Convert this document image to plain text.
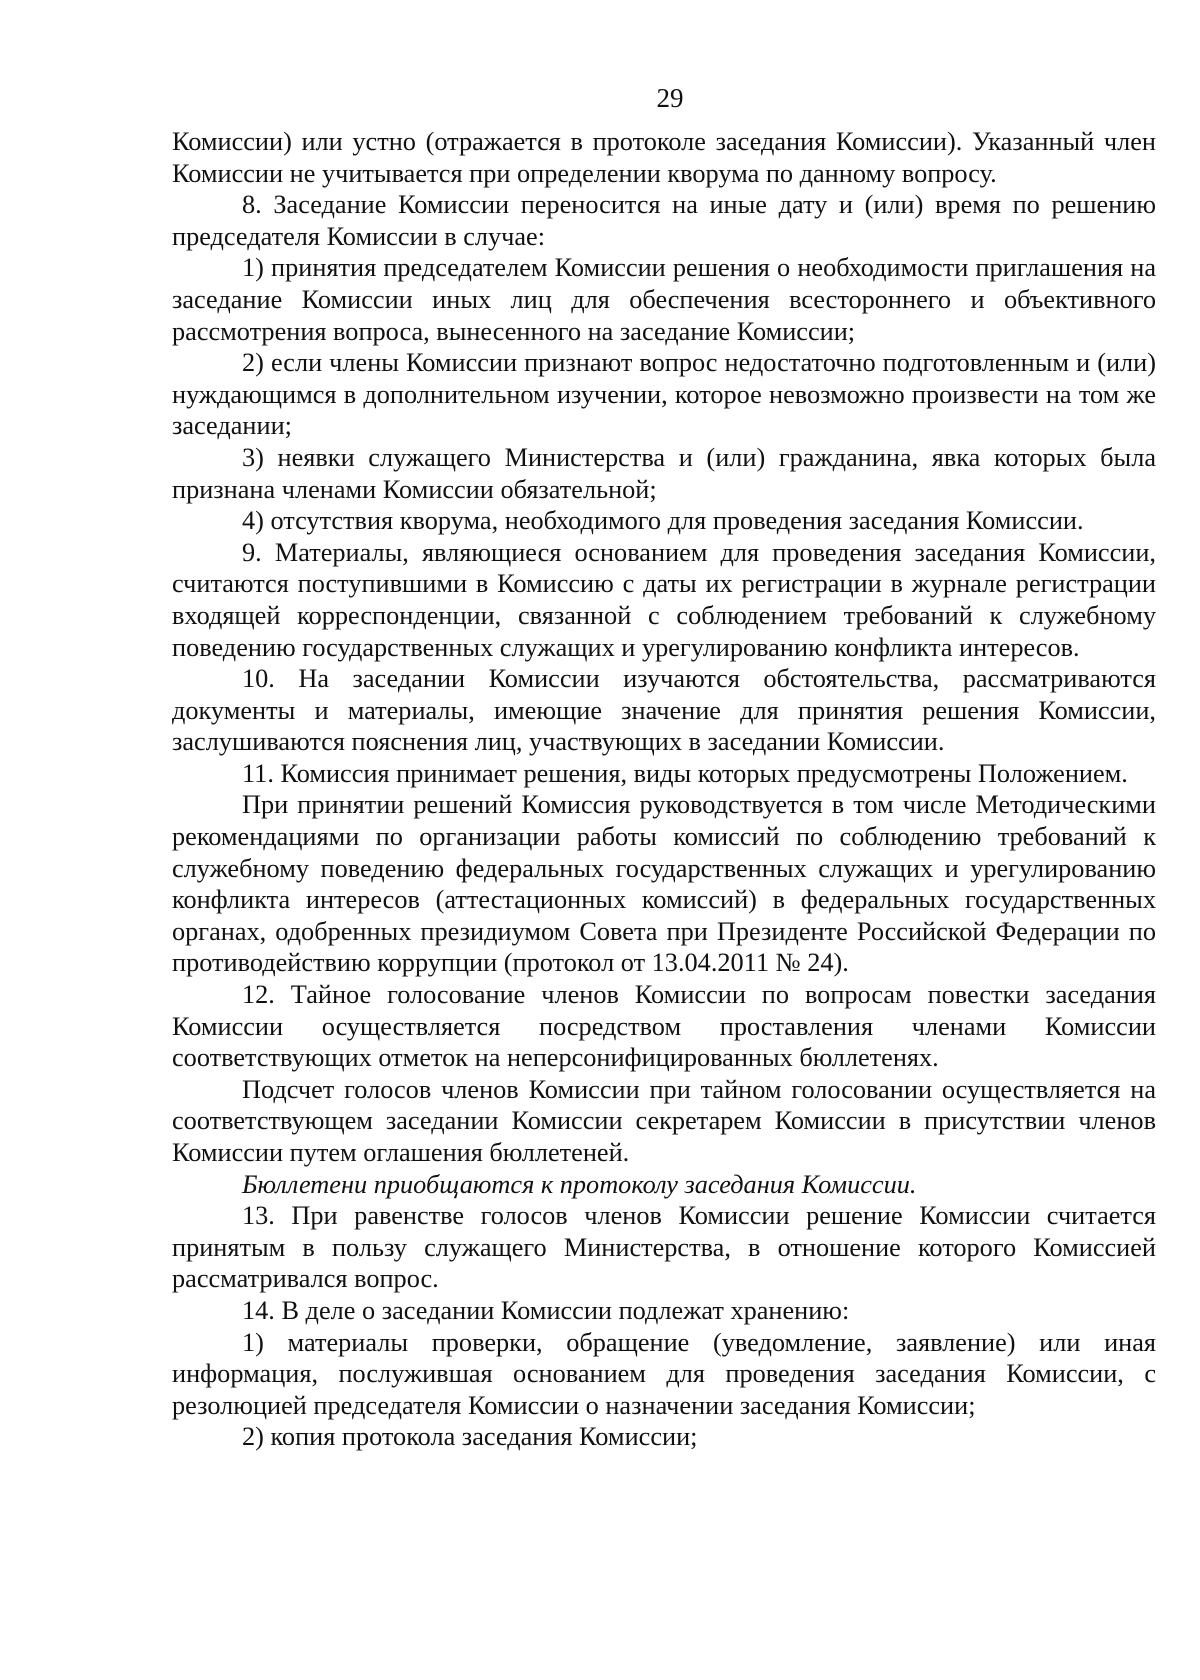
29

Комиссии) или устно (отражается в протоколе заседания Комиссии). Указанный член Комиссии не учитывается при определении кворума по данному вопросу.

8. Заседание Комиссии переносится на иные дату и (или) время по решению председателя Комиссии в случае:

1) принятия председателем Комиссии решения о необходимости приглашения на заседание Комиссии иных лиц для обеспечения всестороннего и объективного рассмотрения вопроса, вынесенного на заседание Комиссии;

2) если члены Комиссии признают вопрос недостаточно подготовленным и (или) нуждающимся в дополнительном изучении, которое невозможно произвести на том же заседании;

3) неявки служащего Министерства и (или) гражданина, явка которых была признана членами Комиссии обязательной;

4) отсутствия кворума, необходимого для проведения заседания Комиссии.

9. Материалы, являющиеся основанием для проведения заседания Комиссии, считаются поступившими в Комиссию с даты их регистрации в журнале регистрации входящей корреспонденции, связанной с соблюдением требований к служебному поведению государственных служащих и урегулированию конфликта интересов.

10. На заседании Комиссии изучаются обстоятельства, рассматриваются документы и материалы, имеющие значение для принятия решения Комиссии, заслушиваются пояснения лиц, участвующих в заседании Комиссии.

11. Комиссия принимает решения, виды которых предусмотрены Положением.

При принятии решений Комиссия руководствуется в том числе Методическими рекомендациями по организации работы комиссий по соблюдению требований к служебному поведению федеральных государственных служащих и урегулированию конфликта интересов (аттестационных комиссий) в федеральных государственных органах, одобренных президиумом Совета при Президенте Российской Федерации по противодействию коррупции (протокол от 13.04.2011 № 24).

12. Тайное голосование членов Комиссии по вопросам повестки заседания Комиссии осуществляется посредством проставления членами Комиссии соответствующих отметок на неперсонифицированных бюллетенях.

Подсчет голосов членов Комиссии при тайном голосовании осуществляется на соответствующем заседании Комиссии секретарем Комиссии в присутствии членов Комиссии путем оглашения бюллетеней.

Бюллетени приобщаются к протоколу заседания Комиссии.

13. При равенстве голосов членов Комиссии решение Комиссии считается принятым в пользу служащего Министерства, в отношение которого Комиссией рассматривался вопрос.

14. В деле о заседании Комиссии подлежат хранению:

1) материалы проверки, обращение (уведомление, заявление) или иная информация, послужившая основанием для проведения заседания Комиссии, с резолюцией председателя Комиссии о назначении заседания Комиссии;

2) копия протокола заседания Комиссии;
